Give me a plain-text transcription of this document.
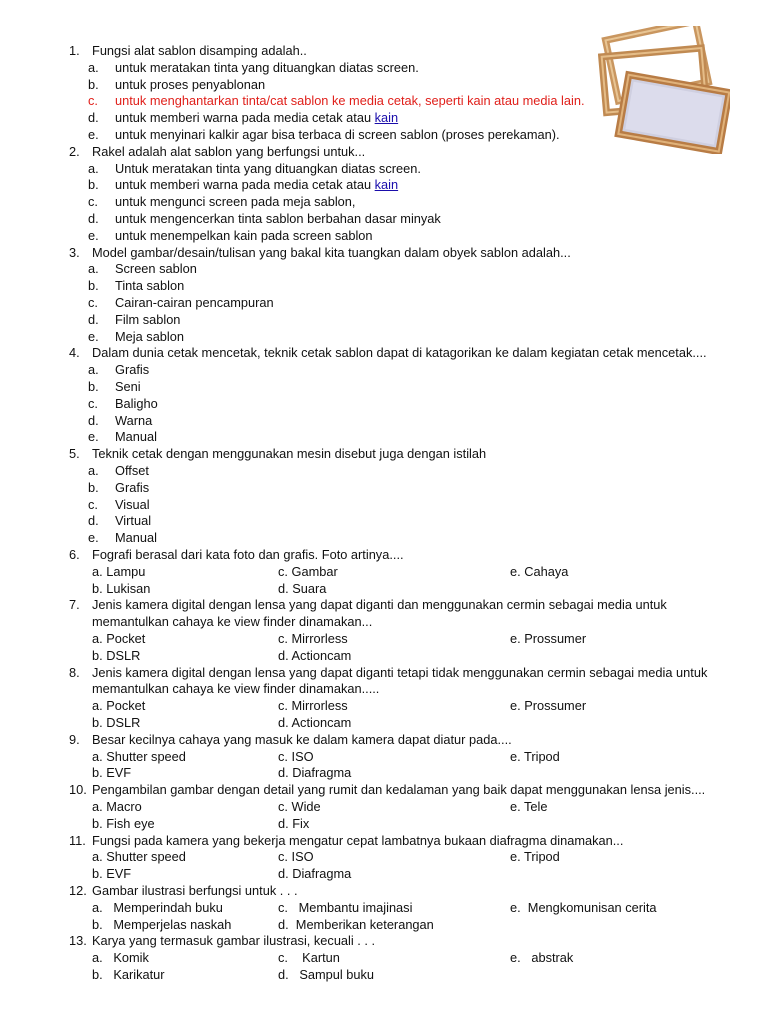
1. Fungsi alat sablon disamping adalah..
a. untuk meratakan tinta yang dituangkan diatas screen.
b. untuk proses penyablonan
c. untuk menghantarkan tinta/cat sablon ke media cetak, seperti kain atau media lain.
d. untuk memberi warna pada media cetak atau kain
e. untuk menyinari kalkir agar bisa terbaca di screen sablon (proses perekaman).
2. Rakel adalah alat sablon yang berfungsi untuk...
a. Untuk meratakan tinta yang dituangkan diatas screen.
b. untuk memberi warna pada media cetak atau kain
c. untuk mengunci screen pada meja sablon,
d. untuk mengencerkan tinta sablon berbahan dasar minyak
e. untuk menempelkan kain pada screen sablon
3. Model gambar/desain/tulisan yang bakal kita tuangkan dalam obyek sablon adalah...
a. Screen sablon
b. Tinta sablon
c. Cairan-cairan pencampuran
d. Film sablon
e. Meja sablon
4. Dalam dunia cetak mencetak, teknik cetak sablon dapat di katagorikan ke dalam kegiatan cetak mencetak....
a. Grafis
b. Seni
c. Baligho
d. Warna
e. Manual
5. Teknik cetak dengan menggunakan mesin disebut juga dengan istilah
a. Offset
b. Grafis
c. Visual
d. Virtual
e. Manual
6. Fografi berasal dari kata foto dan grafis. Foto artinya....
a. Lampu	c. Gambar	e. Cahaya
b. Lukisan	d. Suara
7. Jenis kamera digital dengan lensa yang dapat diganti dan menggunakan cermin sebagai media untuk
memantulkan cahaya ke view finder dinamakan...
a. Pocket	c. Mirrorless	e. Prossumer
b. DSLR	d. Actioncam
8. Jenis kamera digital dengan lensa yang dapat diganti tetapi tidak menggunakan cermin sebagai media untuk
memantulkan cahaya ke view finder dinamakan.....
a. Pocket	c. Mirrorless	e. Prossumer
b. DSLR	d. Actioncam
9. Besar kecilnya cahaya yang masuk ke dalam kamera dapat diatur pada....
a. Shutter speed	c. ISO	e. Tripod
b. EVF	d. Diafragma
10. Pengambilan gambar dengan detail yang rumit dan kedalaman yang baik dapat menggunakan lensa jenis....
a. Macro	c. Wide	e. Tele
b. Fish eye	d. Fix
11. Fungsi pada kamera yang bekerja mengatur cepat lambatnya bukaan diafragma dinamakan...
a. Shutter speed	c. ISO	e. Tripod
b. EVF	d. Diafragma
12. Gambar ilustrasi berfungsi untuk . . .
a.   Memperindah buku	c.   Membantu imajinasi	e.  Mengkomunisan cerita
b.   Memperjelas naskah	d.  Memberikan keterangan
13. Karya yang termasuk gambar ilustrasi, kecuali . . .
a.   Komik	c.    Kartun	e.   abstrak
b.   Karikatur	d.   Sampul buku
